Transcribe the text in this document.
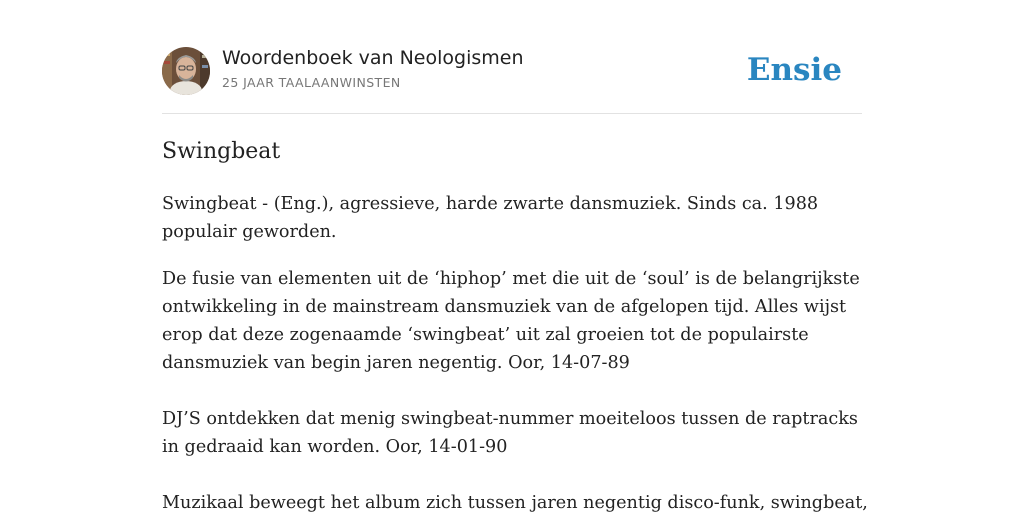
Woordenboek van Neologismen
25 JAAR TAALAANWINSTEN	Ensie
Swingbeat

Swingbeat - (Eng.), agressieve, harde zwarte dansmuziek. Sinds ca. 1988 populair geworden.

De fusie van elementen uit de ‘hiphop’ met die uit de ‘soul’ is de belangrijkste ontwikkeling in de mainstream dansmuziek van de afgelopen tijd. Alles wijst erop dat deze zogenaamde ‘swingbeat’ uit zal groeien tot de populairste dansmuziek van begin jaren negentig. Oor, 14-07-89

DJ’S ontdekken dat menig swingbeat-nummer moeiteloos tussen de raptracks in gedraaid kan worden. Oor, 14-01-90

Muzikaal beweegt het album zich tussen jaren negentig disco-funk, swingbeat,
